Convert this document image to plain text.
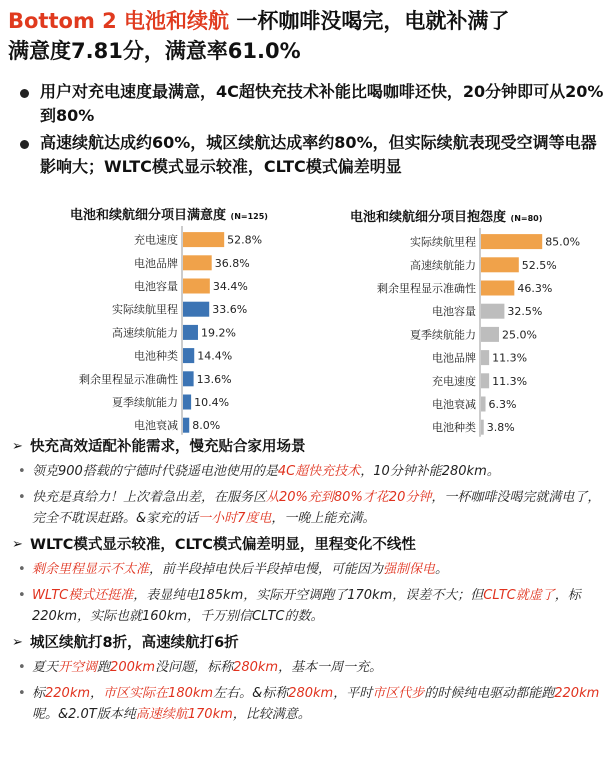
Bottom 2 电池和续航 一杯咖啡没喝完，电就补满了
满意度7.81分，满意率61.0%
用户对充电速度最满意，4C超快充技术补能比喝咖啡还快，20分钟即可从20%到80%
高速续航达成约60%，城区续航达成率约80%，但实际续航表现受空调等电器影响大；WLTC模式显示较准，CLTC模式偏差明显
电池和续航细分项目满意度 (N=125)
充电速度	52.8%
电池品牌	36.8%
电池容量	34.4%
实际续航里程	33.6%
高速续航能力 19.2%
电池种类 14.4%
剩余里程显示准确性 13.6%
夏季续航能力 10.4%
电池衰减 8.0%
电池和续航细分项目抱怨度 (N=80)
实际续航里程	85.0%
高速续航能力	52.5%
剩余里程显示准确性	46.3%
电池容量	32.5%
夏季续航能力 25.0%
电池品牌 11.3%
充电速度 11.3%
电池衰减 6.3%
电池种类 3.8%
➢ 快充高效适配补能需求，慢充贴合家用场景
• 领克900搭载的宁德时代骁遥电池使用的是4C超快充技术，10分钟补能280km。
• 快充是真给力！上次着急出差，在服务区从20%充到80%才花20分钟，一杯咖啡没喝完就满电了，完全不耽误赶路。&家充的话一小时7度电，一晚上能充满。
➢ WLTC模式显示较准，CLTC模式偏差明显，里程变化不线性
• 剩余里程显示不太准，前半段掉电快后半段掉电慢，可能因为强制保电。
• WLTC模式还挺准，表显纯电185km，实际开空调跑了170km，误差不大；但CLTC就虚了，标220km，实际也就160km，千万别信CLTC的数。
➢ 城区续航打8折，高速续航打6折
• 夏天开空调跑200km没问题，标称280km，基本一周一充。
• 标220km，市区实际在180km左右。&标称280km，平时市区代步的时候纯电驱动都能跑220km呢。&2.0T版本纯高速续航170km，比较满意。
